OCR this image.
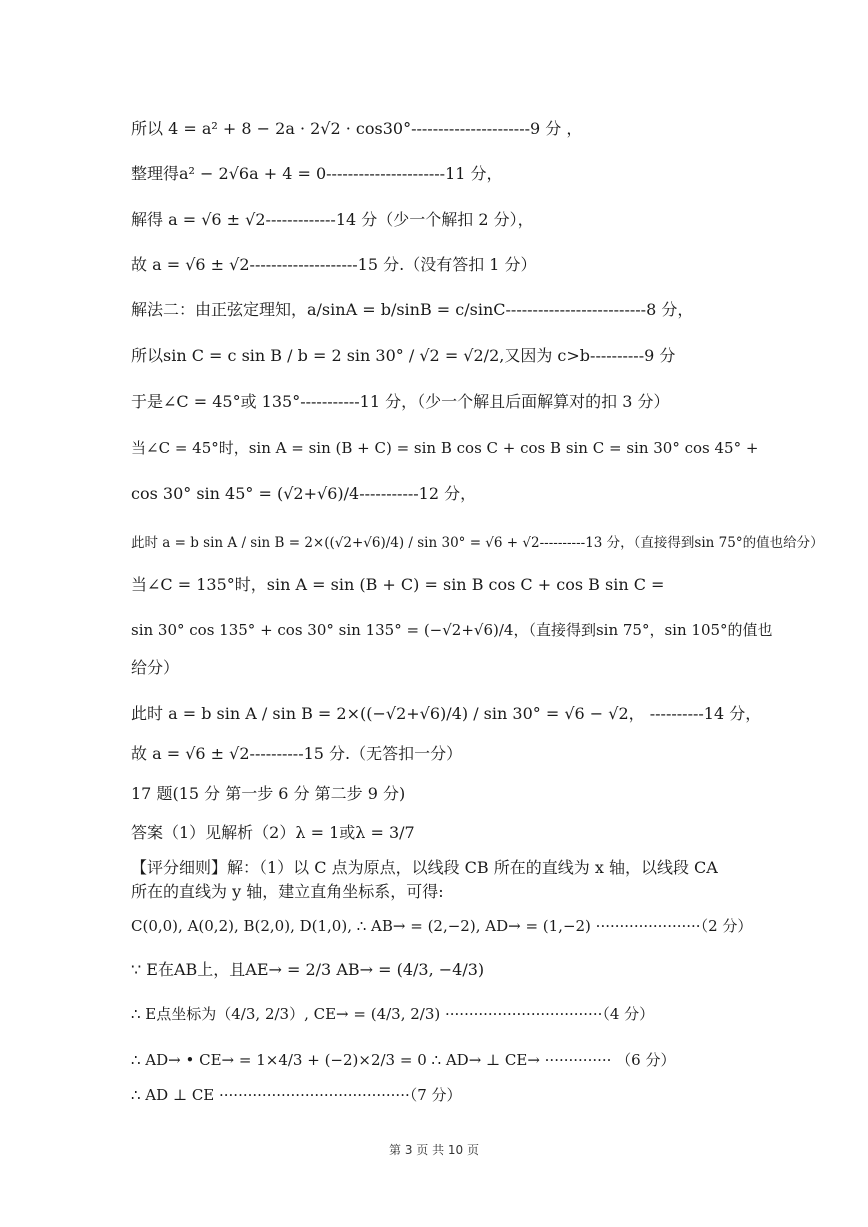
所以 4 = a² + 8 − 2a · 2√2 · cos30°----------------------9 分 ，
整理得a² − 2√6a + 4 = 0----------------------11 分，
解得 a = √6 ± √2-------------14 分（少一个解扣 2 分），
故 a = √6 ± √2--------------------15 分.（没有答扣 1 分）
解法二：由正弦定理知，a/sinA = b/sinB = c/sinC--------------------------8 分，
所以sin C = c sin B / b = 2 sin 30° / √2 = √2/2,又因为 c>b----------9 分
于是∠C = 45°或 135°-----------11 分，（少一个解且后面解算对的扣 3 分）
当∠C = 45°时，sin A = sin (B + C) = sin B cos C + cos B sin C = sin 30° cos 45° +
cos 30° sin 45° = (√2+√6)/4-----------12 分，
此时 a = b sin A / sin B = 2×((√2+√6)/4) / sin 30° = √6 + √2----------13 分，（直接得到sin 75°的值也给分）
当∠C = 135°时，sin A = sin (B + C) = sin B cos C + cos B sin C =
sin 30° cos 135° + cos 30° sin 135° = (−√2+√6)/4，（直接得到sin 75°，sin 105°的值也
给分）
此时 a = b sin A / sin B = 2×((−√2+√6)/4) / sin 30° = √6 − √2， ----------14 分，
故 a = √6 ± √2----------15 分.（无答扣一分）
17 题(15 分 第一步 6 分 第二步 9 分)
答案（1）见解析（2）λ = 1或λ = 3/7
【评分细则】解：（1）以 C 点为原点，以线段 CB 所在的直线为 x 轴，以线段 CA
所在的直线为 y 轴，建立直角坐标系，可得:
C(0,0), A(0,2), B(2,0), D(1,0), ∴ AB→ = (2,−2), AD→ = (1,−2) ······················（2 分）
∵ E在AB上，且AE→ = 2/3 AB→ = (4/3, −4/3)
∴ E点坐标为（4/3, 2/3）, CE→ = (4/3, 2/3) ·································（4 分）
∴ AD→ • CE→ = 1×4/3 + (−2)×2/3 = 0 ∴ AD→ ⊥ CE→ ·············· （6 分）
∴ AD ⊥ CE ········································（7 分）
第 3 页 共 10 页
